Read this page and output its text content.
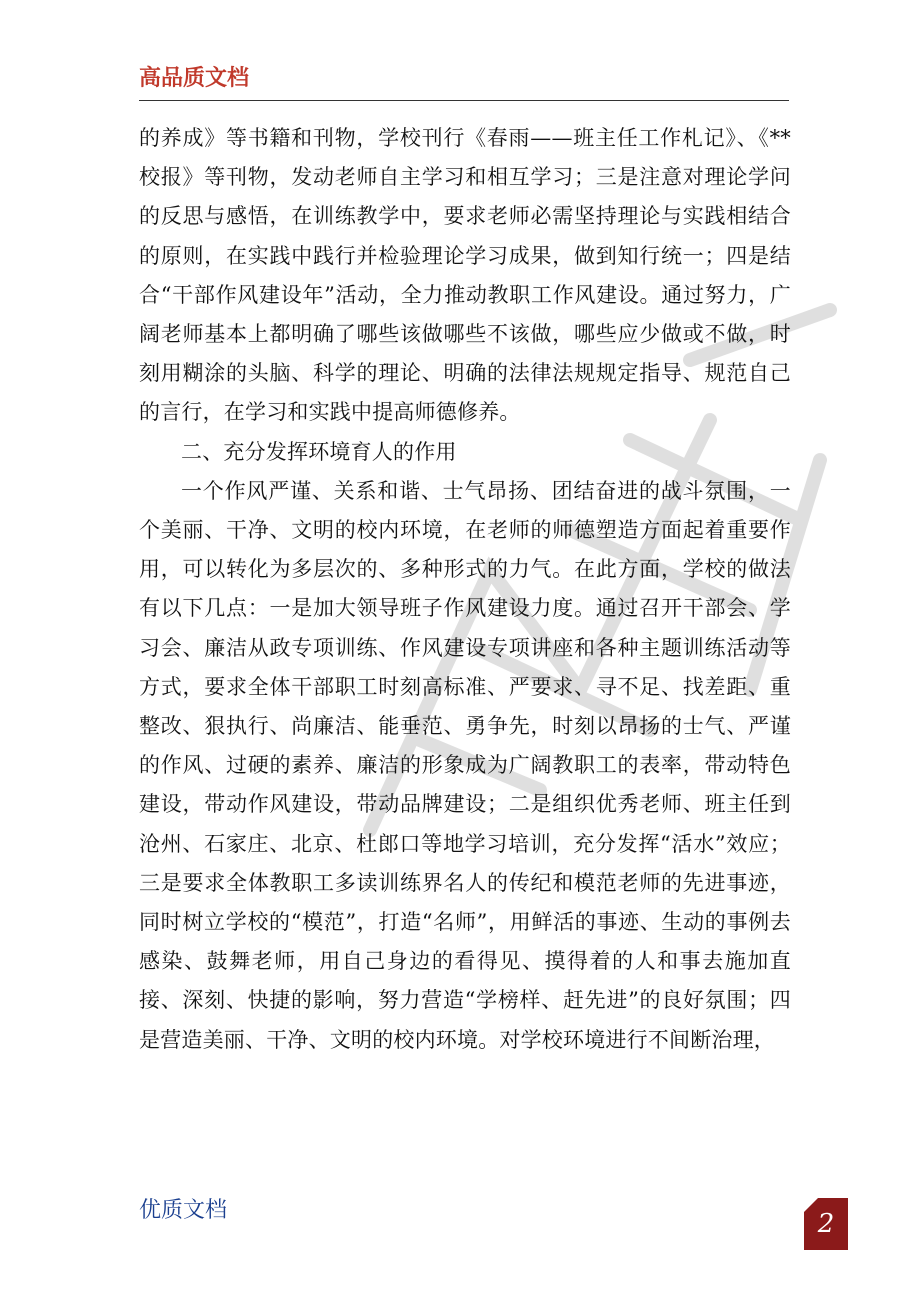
高品质文档

的养成》等书籍和刊物，学校刊行《春雨——班主任工作札记》、《**校报》等刊物，发动老师自主学习和相互学习；三是注意对理论学问的反思与感悟，在训练教学中，要求老师必需坚持理论与实践相结合的原则，在实践中践行并检验理论学习成果，做到知行统一；四是结合“干部作风建设年”活动，全力推动教职工作风建设。通过努力，广阔老师基本上都明确了哪些该做哪些不该做，哪些应少做或不做，时刻用糊涂的头脑、科学的理论、明确的法律法规规定指导、规范自己的言行，在学习和实践中提高师德修养。

二、充分发挥环境育人的作用

一个作风严谨、关系和谐、士气昂扬、团结奋进的战斗氛围，一个美丽、干净、文明的校内环境，在老师的师德塑造方面起着重要作用，可以转化为多层次的、多种形式的力气。在此方面，学校的做法有以下几点：一是加大领导班子作风建设力度。通过召开干部会、学习会、廉洁从政专项训练、作风建设专项讲座和各种主题训练活动等方式，要求全体干部职工时刻高标准、严要求、寻不足、找差距、重整改、狠执行、尚廉洁、能垂范、勇争先，时刻以昂扬的士气、严谨的作风、过硬的素养、廉洁的形象成为广阔教职工的表率，带动特色建设，带动作风建设，带动品牌建设；二是组织优秀老师、班主任到沧州、石家庄、北京、杜郎口等地学习培训，充分发挥“活水”效应；三是要求全体教职工多读训练界名人的传纪和模范老师的先进事迹，同时树立学校的“模范”，打造“名师”，用鲜活的事迹、生动的事例去感染、鼓舞老师，用自己身边的看得见、摸得着的人和事去施加直接、深刻、快捷的影响，努力营造“学榜样、赶先进”的良好氛围；四是营造美丽、干净、文明的校内环境。对学校环境进行不间断治理，

优质文档	2
